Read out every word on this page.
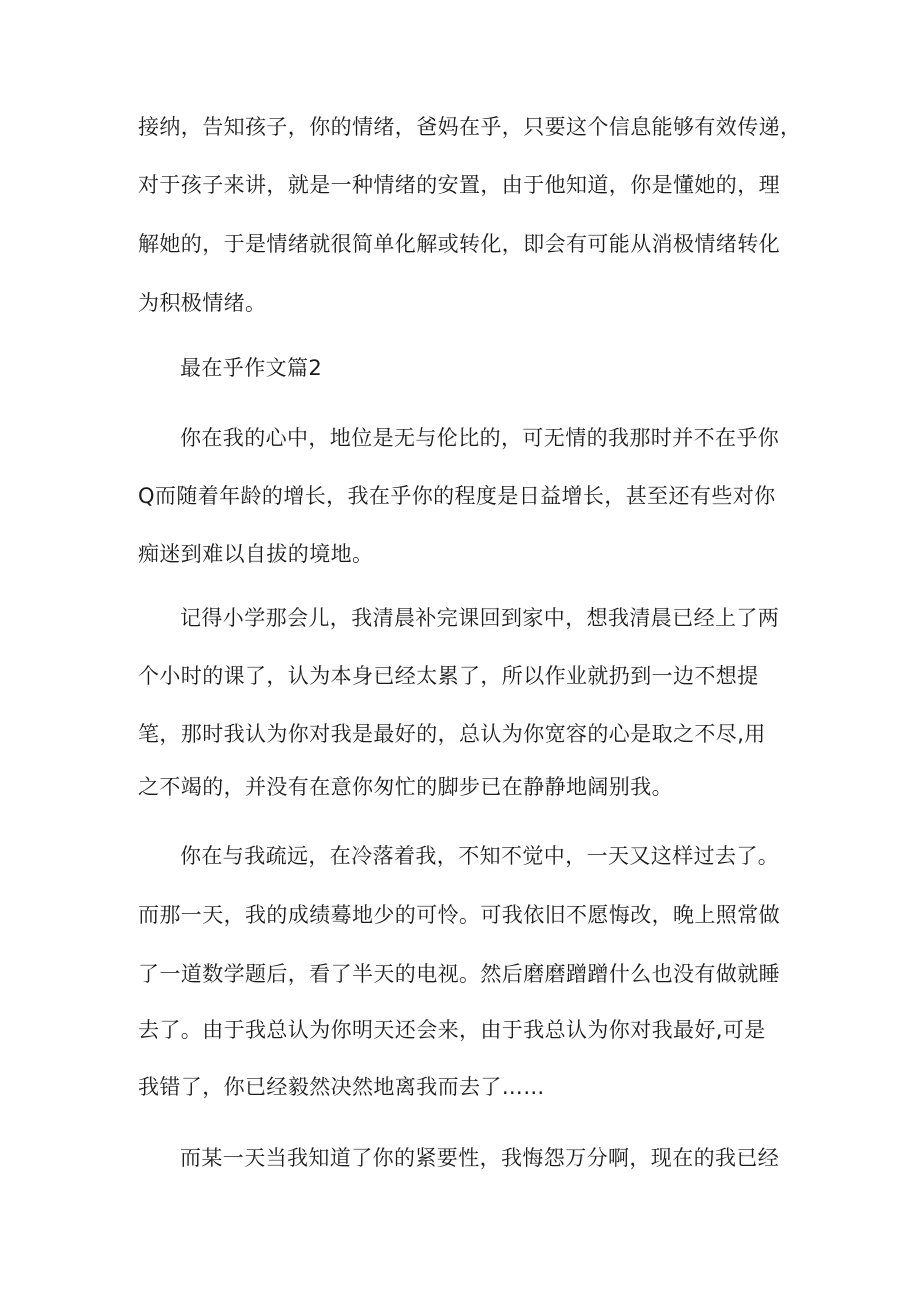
接纳，告知孩子，你的情绪，爸妈在乎，只要这个信息能够有效传递，
对于孩子来讲，就是一种情绪的安置，由于他知道，你是懂她的，理
解她的，于是情绪就很简单化解或转化，即会有可能从消极情绪转化
为积极情绪。
最在乎作文篇2
你在我的心中，地位是无与伦比的，可无情的我那时并不在乎你
Q而随着年龄的增长，我在乎你的程度是日益增长，甚至还有些对你
痴迷到难以自拔的境地。
记得小学那会儿，我清晨补完课回到家中，想我清晨已经上了两
个小时的课了，认为本身已经太累了，所以作业就扔到一边不想提
笔，那时我认为你对我是最好的，总认为你宽容的心是取之不尽,用
之不竭的，并没有在意你匆忙的脚步已在静静地阔别我。
你在与我疏远，在冷落着我，不知不觉中，一天又这样过去了。
而那一天，我的成绩蓦地少的可怜。可我依旧不愿悔改，晚上照常做
了一道数学题后，看了半天的电视。然后磨磨蹭蹭什么也没有做就睡
去了。由于我总认为你明天还会来，由于我总认为你对我最好,可是
我错了，你已经毅然决然地离我而去了……
而某一天当我知道了你的紧要性，我悔怨万分啊，现在的我已经
